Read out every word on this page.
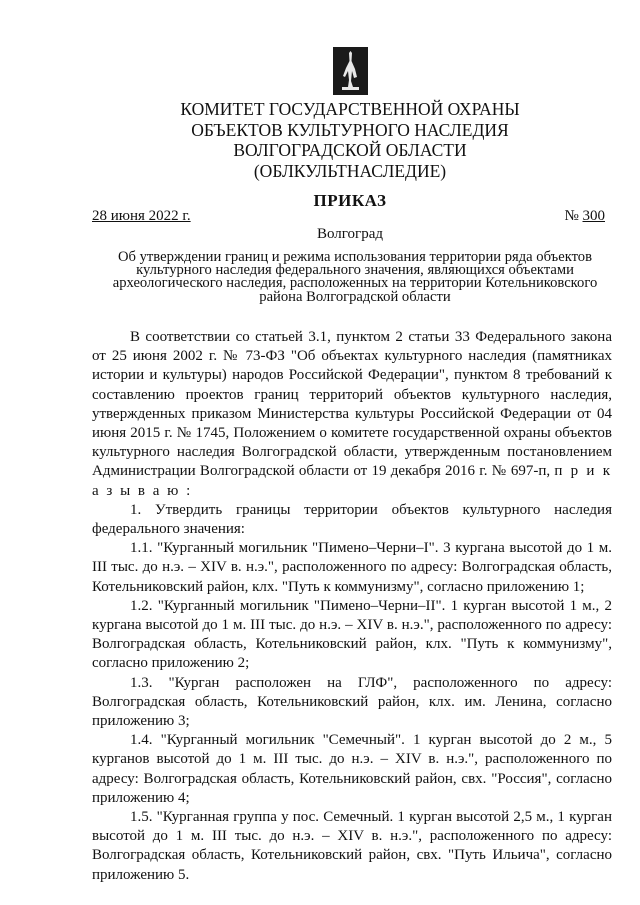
КОМИТЕТ ГОСУДАРСТВЕННОЙ ОХРАНЫ
ОБЪЕКТОВ КУЛЬТУРНОГО НАСЛЕДИЯ
ВОЛГОГРАДСКОЙ ОБЛАСТИ
(ОБЛКУЛЬТНАСЛЕДИЕ)
ПРИКАЗ
28 июня 2022 г.	№ 300
Волгоград
Об утверждении границ и режима использования территории ряда объектов
культурного наследия федерального значения, являющихся объектами
археологического наследия, расположенных на территории Котельниковского
района Волгоградской области

В соответствии со статьей 3.1, пунктом 2 статьи 33 Федерального закона от 25 июня 2002 г. № 73-ФЗ "Об объектах культурного наследия (памятниках истории и культуры) народов Российской Федерации", пунктом 8 требований к составлению проектов границ территорий объектов культурного наследия, утвержденных приказом Министерства культуры Российской Федерации от 04 июня 2015 г. № 1745, Положением о комитете государственной охраны объектов культурного наследия Волгоградской области, утвержденным постановлением Администрации Волгоградской области от 19 декабря 2016 г. № 697-п, п р и к а з ы в а ю :

1. Утвердить границы территории объектов культурного наследия федерального значения:

1.1. "Курганный могильник "Пимено–Черни–I". 3 кургана высотой до 1 м. III тыс. до н.э. – XIV в. н.э.", расположенного по адресу: Волгоградская область, Котельниковский район, клх. "Путь к коммунизму", согласно приложению 1;

1.2. "Курганный могильник "Пимено–Черни–II". 1 курган высотой 1 м., 2 кургана высотой до 1 м. III тыс. до н.э. – XIV в. н.э.", расположенного по адресу: Волгоградская область, Котельниковский район, клх. "Путь к коммунизму", согласно приложению 2;

1.3. "Курган расположен на ГЛФ", расположенного по адресу: Волгоградская область, Котельниковский район, клх. им. Ленина, согласно приложению 3;

1.4. "Курганный могильник "Семечный". 1 курган высотой до 2 м., 5 курганов высотой до 1 м. III тыс. до н.э. – XIV в. н.э.", расположенного по адресу: Волгоградская область, Котельниковский район, свх. "Россия", согласно приложению 4;

1.5. "Курганная группа у пос. Семечный. 1 курган высотой 2,5 м., 1 курган высотой до 1 м. III тыс. до н.э. – XIV в. н.э.", расположенного по адресу: Волгоградская область, Котельниковский район, свх. "Путь Ильича", согласно приложению 5.
